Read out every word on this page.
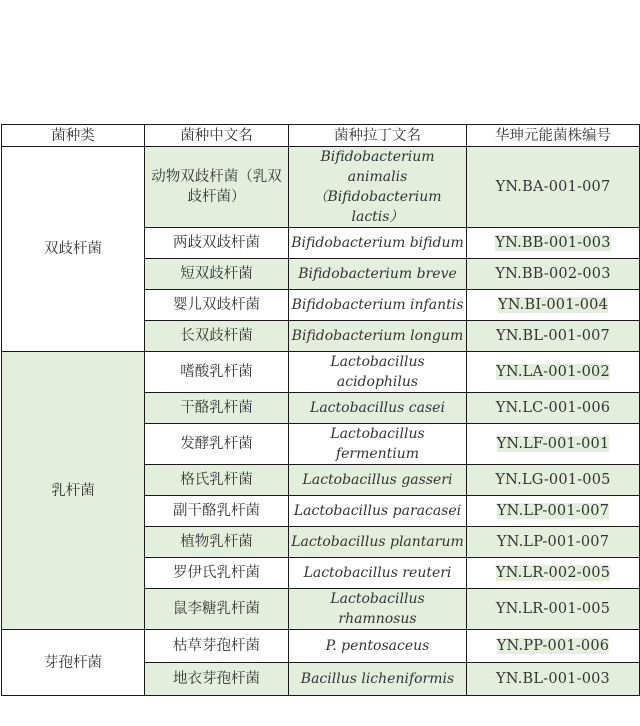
菌种类	菌种中文名	菌种拉丁文名	华珅元能菌株编号
双歧杆菌	动物双歧杆菌（乳双歧杆菌）	Bifidobacterium animalis（Bifidobacterium lactis）	YN.BA-001-007
	两歧双歧杆菌	Bifidobacterium bifidum	YN.BB-001-003
	短双歧杆菌	Bifidobacterium breve	YN.BB-002-003
	婴儿双歧杆菌	Bifidobacterium infantis	YN.BI-001-004
	长双歧杆菌	Bifidobacterium longum	YN.BL-001-007
乳杆菌	嗜酸乳杆菌	Lactobacillus acidophilus	YN.LA-001-002
	干酪乳杆菌	Lactobacillus casei	YN.LC-001-006
	发酵乳杆菌	Lactobacillus fermentium	YN.LF-001-001
	格氏乳杆菌	Lactobacillus gasseri	YN.LG-001-005
	副干酪乳杆菌	Lactobacillus paracasei	YN.LP-001-007
	植物乳杆菌	Lactobacillus plantarum	YN.LP-001-007
	罗伊氏乳杆菌	Lactobacillus reuteri	YN.LR-002-005
	鼠李糖乳杆菌	Lactobacillus rhamnosus	YN.LR-001-005
芽孢杆菌	枯草芽孢杆菌	P. pentosaceus	YN.PP-001-006
	地衣芽孢杆菌	Bacillus licheniformis	YN.BL-001-003
